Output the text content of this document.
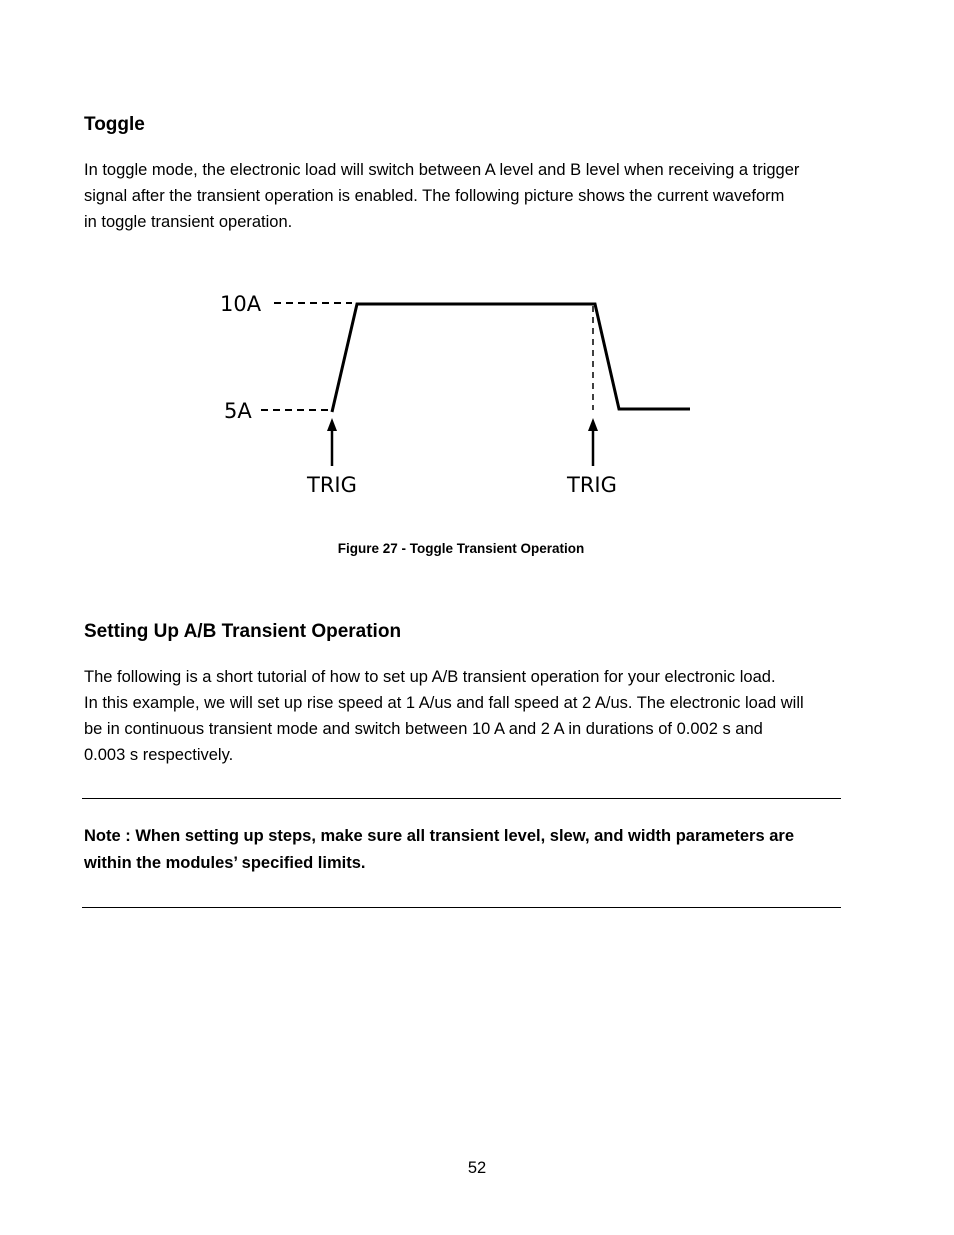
Toggle
In toggle mode, the electronic load will switch between A level and B level when receiving a trigger
signal after the transient operation is enabled. The following picture shows the current waveform
in toggle transient operation.
10A
5A
TRIG	TRIG
Figure 27 - Toggle Transient Operation
Setting Up A/B Transient Operation
The following is a short tutorial of how to set up A/B transient operation for your electronic load.
In this example, we will set up rise speed at 1 A/us and fall speed at 2 A/us. The electronic load will
be in continuous transient mode and switch between 10 A and 2 A in durations of 0.002 s and
0.003 s respectively.
Note : When setting up steps, make sure all transient level, slew, and width parameters are
within the modules’ specified limits.
52
